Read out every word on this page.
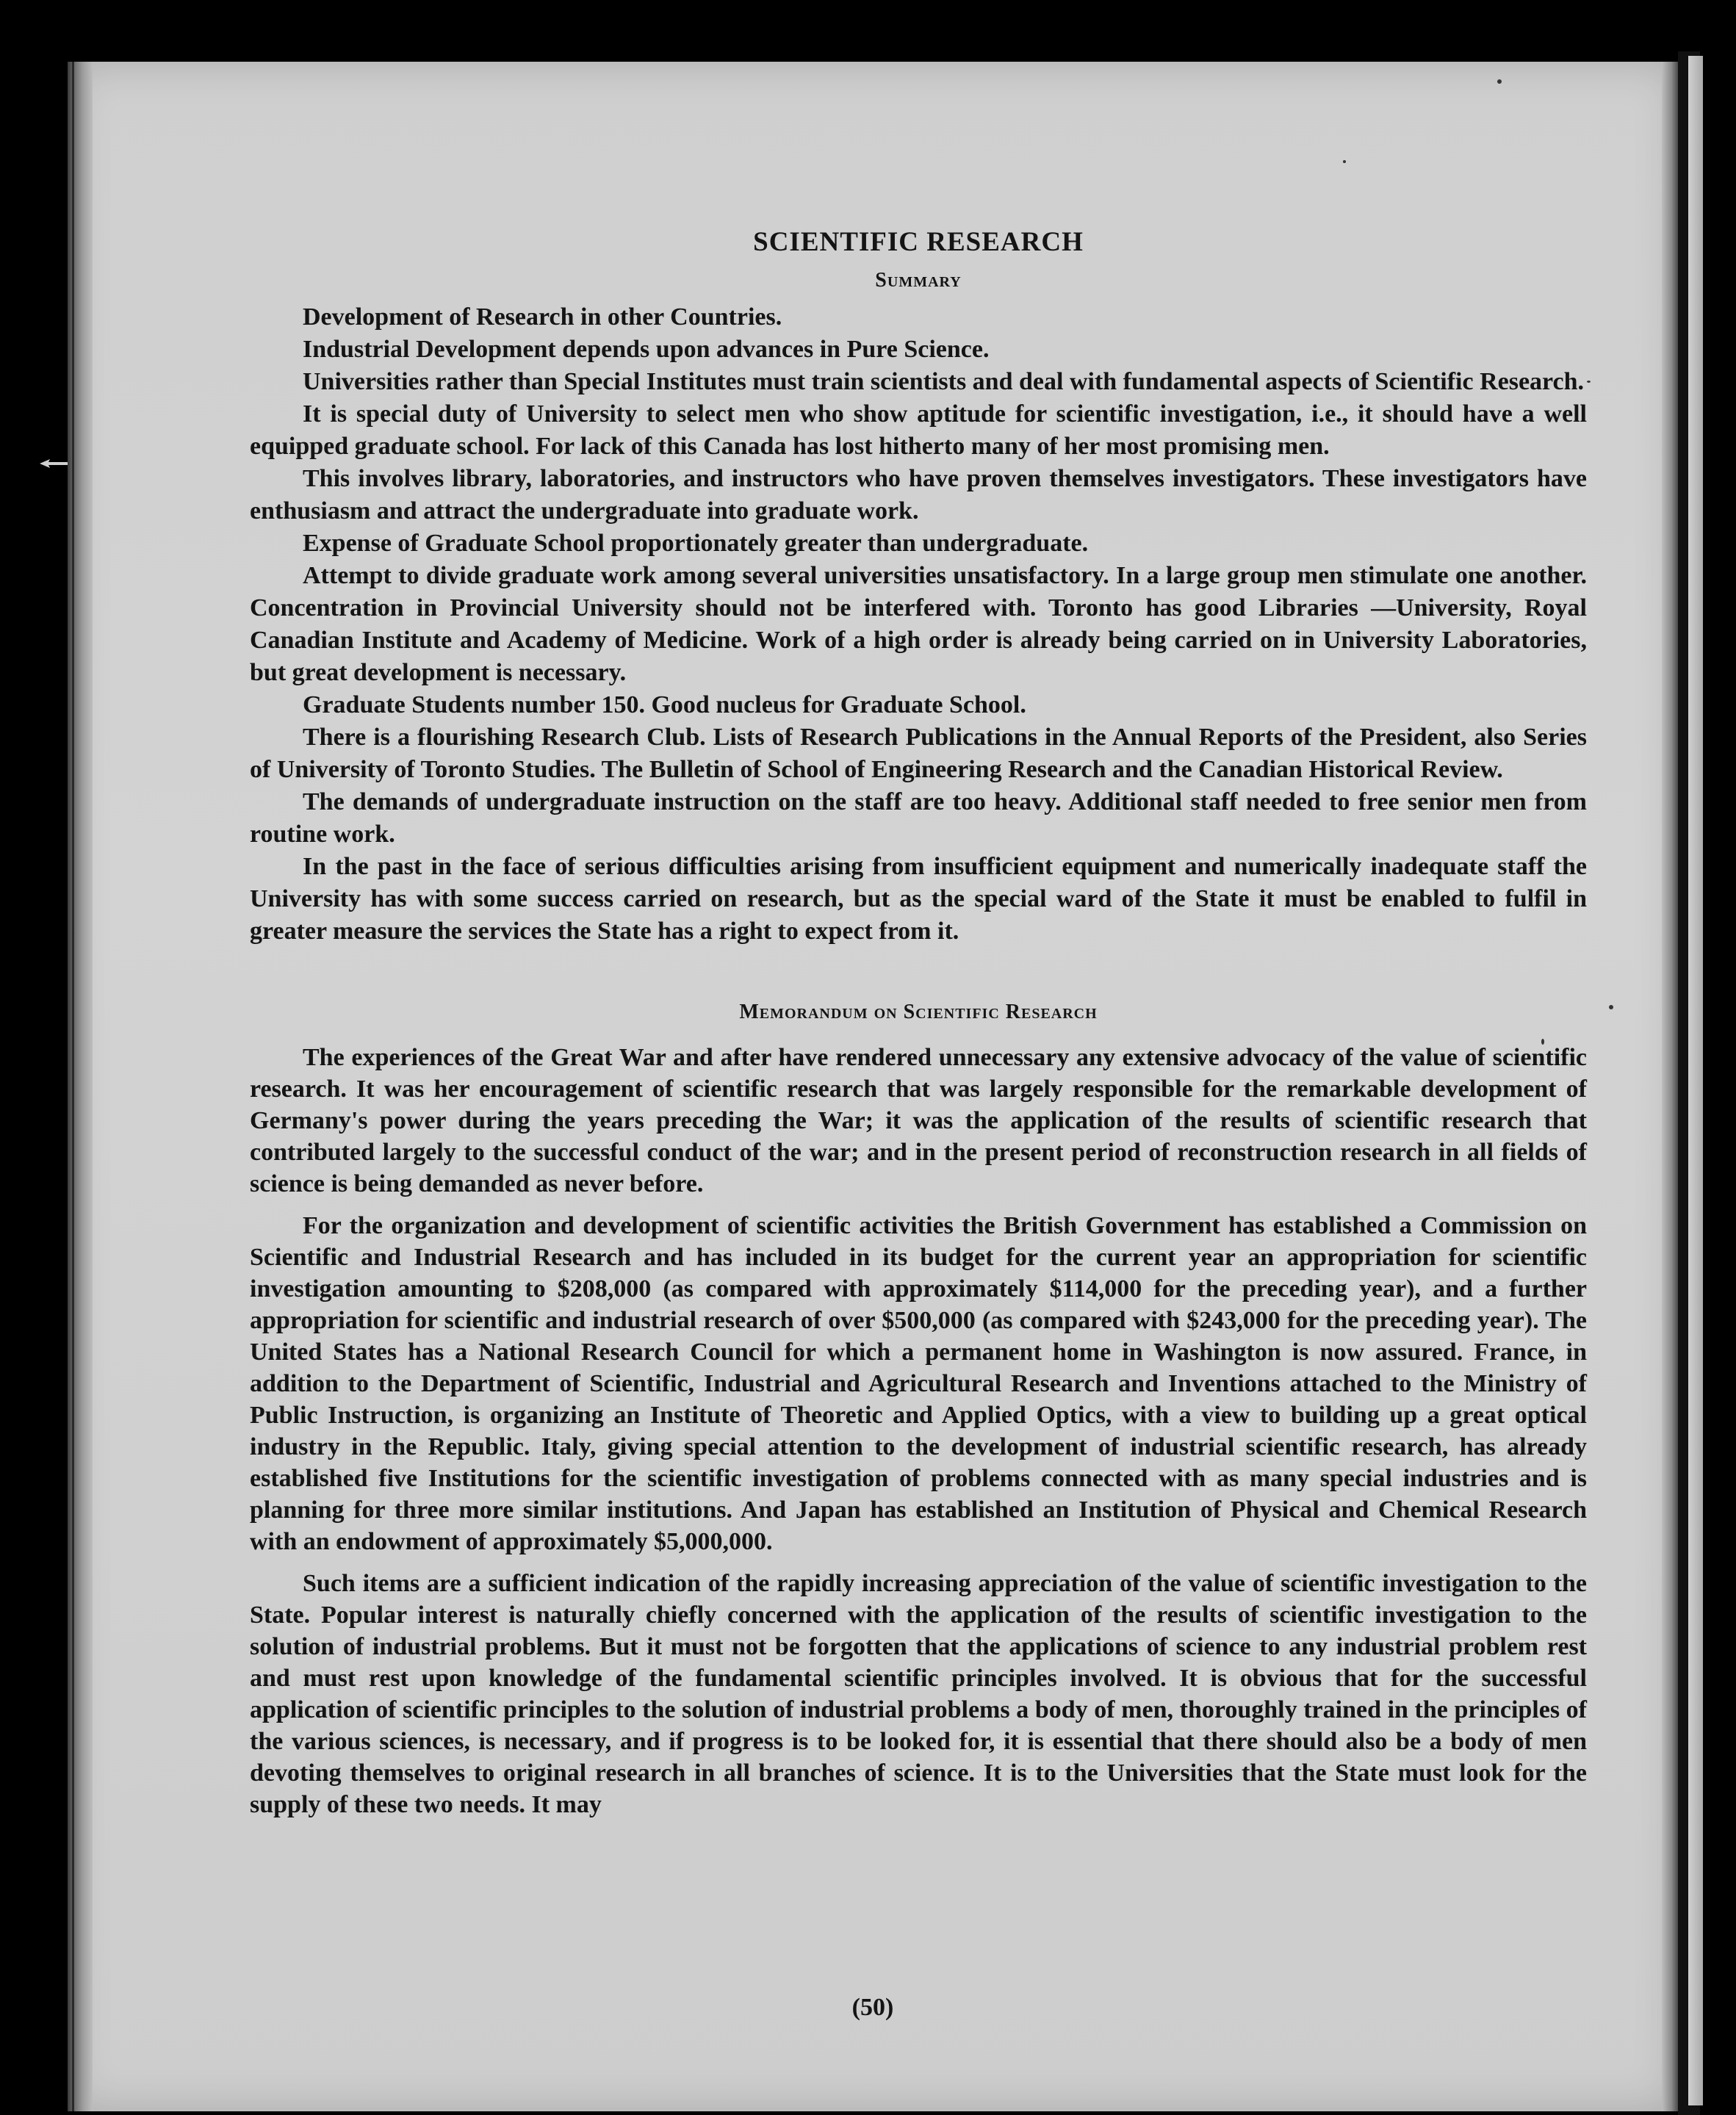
(50)
SCIENTIFIC RESEARCH
Summary

Development of Research in other Countries.

Industrial Development depends upon advances in Pure Science.

Universities rather than Special Institutes must train scientists and deal with fundamental aspects of Scientific Research.

It is special duty of University to select men who show aptitude for scientific investigation, i.e., it should have a well equipped graduate school. For lack of this Canada has lost hitherto many of her most promising men.

This involves library, laboratories, and instructors who have proven themselves investigators. These investigators have enthusiasm and attract the undergraduate into graduate work.

Expense of Graduate School proportionately greater than undergraduate.

Attempt to divide graduate work among several universities unsatisfactory. In a large group men stimulate one another. Concentration in Provincial University should not be interfered with. Toronto has good Libraries —University, Royal Canadian Institute and Academy of Medicine. Work of a high order is already being carried on in University Laboratories, but great development is necessary.

Graduate Students number 150. Good nucleus for Graduate School.

There is a flourishing Research Club. Lists of Research Publications in the Annual Reports of the President, also Series of University of Toronto Studies. The Bulletin of School of Engineering Research and the Canadian Historical Review.

The demands of undergraduate instruction on the staff are too heavy. Additional staff needed to free senior men from routine work.

In the past in the face of serious difficulties arising from insufficient equipment and numerically inadequate staff the University has with some success carried on research, but as the special ward of the State it must be enabled to fulfil in greater measure the services the State has a right to expect from it.

Memorandum on Scientific Research

The experiences of the Great War and after have rendered unnecessary any extensive advocacy of the value of scientific research. It was her encouragement of scientific research that was largely responsible for the remarkable development of Germany's power during the years preceding the War; it was the application of the results of scientific research that contributed largely to the successful conduct of the war; and in the present period of reconstruction research in all fields of science is being demanded as never before.

For the organization and development of scientific activities the British Government has established a Commission on Scientific and Industrial Research and has included in its budget for the current year an appropriation for scientific investigation amounting to $208,000 (as compared with approximately $114,000 for the preceding year), and a further appropriation for scientific and industrial research of over $500,000 (as compared with $243,000 for the preceding year). The United States has a National Research Council for which a permanent home in Washington is now assured. France, in addition to the Department of Scientific, Industrial and Agricultural Research and Inventions attached to the Ministry of Public Instruction, is organizing an Institute of Theoretic and Applied Optics, with a view to building up a great optical industry in the Republic. Italy, giving special attention to the development of industrial scientific research, has already established five Institutions for the scientific investigation of problems connected with as many special industries and is planning for three more similar institutions. And Japan has established an Institution of Physical and Chemical Research with an endowment of approximately $5,000,000.

Such items are a sufficient indication of the rapidly increasing appreciation of the value of scientific investigation to the State. Popular interest is naturally chiefly concerned with the application of the results of scientific investigation to the solution of industrial problems. But it must not be forgotten that the applications of science to any industrial problem rest and must rest upon knowledge of the fundamental scientific principles involved. It is obvious that for the successful application of scientific principles to the solution of industrial problems a body of men, thoroughly trained in the principles of the various sciences, is necessary, and if progress is to be looked for, it is essential that there should also be a body of men devoting themselves to original research in all branches of science. It is to the Universities that the State must look for the supply of these two needs. It may
